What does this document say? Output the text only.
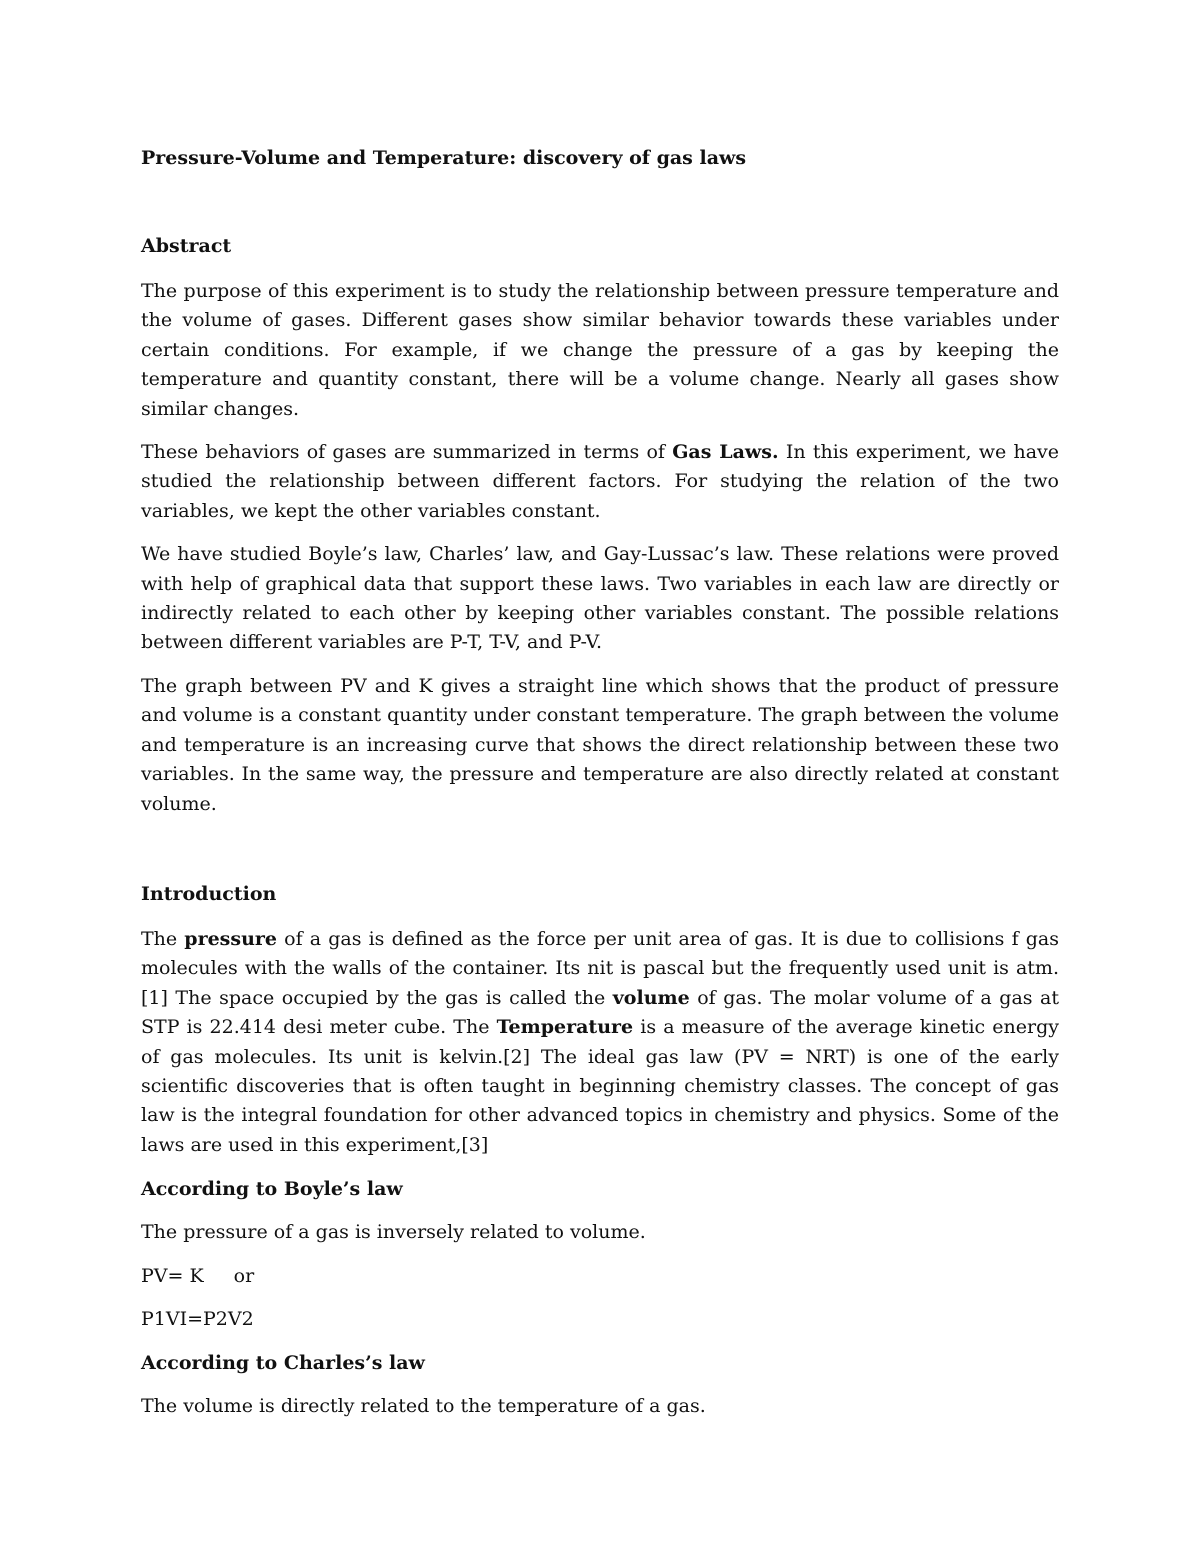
Pressure-Volume and Temperature: discovery of gas laws
Abstract

The purpose of this experiment is to study the relationship between pressure temperature and the volume of gases. Different gases show similar behavior towards these variables under certain conditions. For example, if we change the pressure of a gas by keeping the temperature and quantity constant, there will be a volume change. Nearly all gases show similar changes.

These behaviors of gases are summarized in terms of Gas Laws. In this experiment, we have studied the relationship between different factors. For studying the relation of the two variables, we kept the other variables constant.

We have studied Boyle’s law, Charles’ law, and Gay-Lussac’s law. These relations were proved with help of graphical data that support these laws. Two variables in each law are directly or indirectly related to each other by keeping other variables constant. The possible relations between different variables are P-T, T-V, and P-V.

The graph between PV and K gives a straight line which shows that the product of pressure and volume is a constant quantity under constant temperature. The graph between the volume and temperature is an increasing curve that shows the direct relationship between these two variables. In the same way, the pressure and temperature are also directly related at constant volume.

Introduction

The pressure of a gas is defined as the force per unit area of gas. It is due to collisions f gas molecules with the walls of the container. Its nit is pascal but the frequently used unit is atm.[1] The space occupied by the gas is called the volume of gas. The molar volume of a gas at STP is 22.414 desi meter cube. The Temperature is a measure of the average kinetic energy of gas molecules. Its unit is kelvin.[2] The ideal gas law (PV = NRT) is one of the early scientific discoveries that is often taught in beginning chemistry classes. The concept of gas law is the integral foundation for other advanced topics in chemistry and physics. Some of the laws are used in this experiment,[3]

According to Boyle’s law

The pressure of a gas is inversely related to volume.

PV= K or

P1VI=P2V2

According to Charles’s law

The volume is directly related to the temperature of a gas.
